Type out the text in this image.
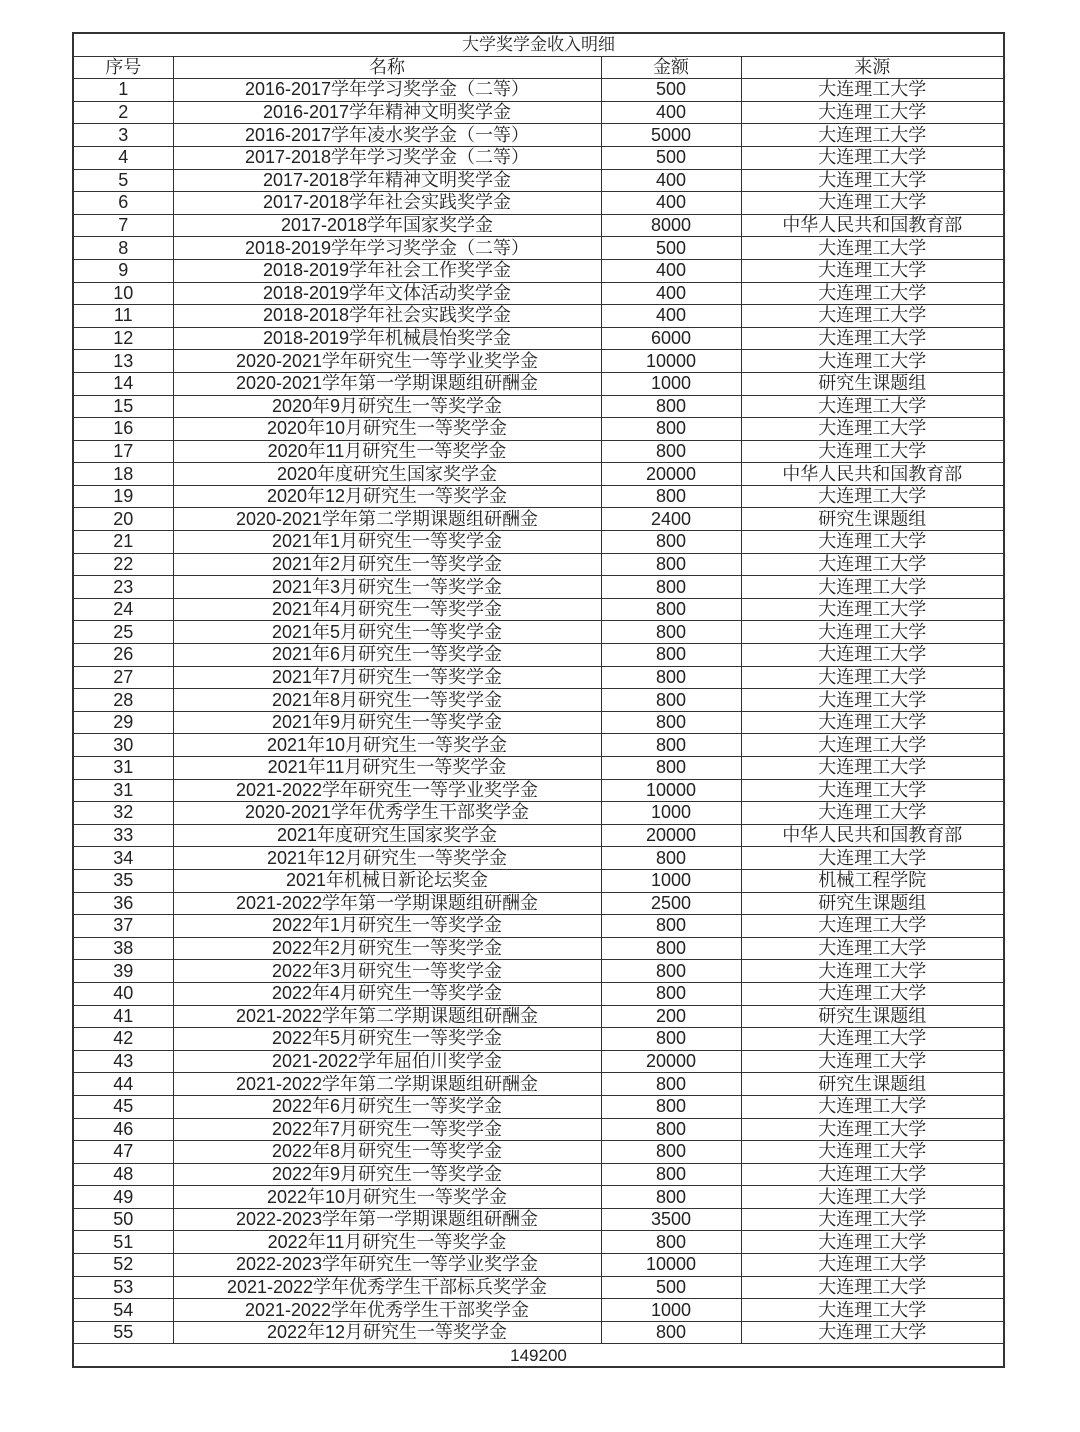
大学奖学金收入明细			
序号	名称	金额	来源
1	2016-2017学年学习奖学金（二等）	500	大连理工大学
2	2016-2017学年精神文明奖学金	400	大连理工大学
3	2016-2017学年凌水奖学金（一等）	5000	大连理工大学
4	2017-2018学年学习奖学金（二等）	500	大连理工大学
5	2017-2018学年精神文明奖学金	400	大连理工大学
6	2017-2018学年社会实践奖学金	400	大连理工大学
7	2017-2018学年国家奖学金	8000	中华人民共和国教育部
8	2018-2019学年学习奖学金（二等）	500	大连理工大学
9	2018-2019学年社会工作奖学金	400	大连理工大学
10	2018-2019学年文体活动奖学金	400	大连理工大学
11	2018-2018学年社会实践奖学金	400	大连理工大学
12	2018-2019学年机械晨怡奖学金	6000	大连理工大学
13	2020-2021学年研究生一等学业奖学金	10000	大连理工大学
14	2020-2021学年第一学期课题组研酬金	1000	研究生课题组
15	2020年9月研究生一等奖学金	800	大连理工大学
16	2020年10月研究生一等奖学金	800	大连理工大学
17	2020年11月研究生一等奖学金	800	大连理工大学
18	2020年度研究生国家奖学金	20000	中华人民共和国教育部
19	2020年12月研究生一等奖学金	800	大连理工大学
20	2020-2021学年第二学期课题组研酬金	2400	研究生课题组
21	2021年1月研究生一等奖学金	800	大连理工大学
22	2021年2月研究生一等奖学金	800	大连理工大学
23	2021年3月研究生一等奖学金	800	大连理工大学
24	2021年4月研究生一等奖学金	800	大连理工大学
25	2021年5月研究生一等奖学金	800	大连理工大学
26	2021年6月研究生一等奖学金	800	大连理工大学
27	2021年7月研究生一等奖学金	800	大连理工大学
28	2021年8月研究生一等奖学金	800	大连理工大学
29	2021年9月研究生一等奖学金	800	大连理工大学
30	2021年10月研究生一等奖学金	800	大连理工大学
31	2021年11月研究生一等奖学金	800	大连理工大学
31	2021-2022学年研究生一等学业奖学金	10000	大连理工大学
32	2020-2021学年优秀学生干部奖学金	1000	大连理工大学
33	2021年度研究生国家奖学金	20000	中华人民共和国教育部
34	2021年12月研究生一等奖学金	800	大连理工大学
35	2021年机械日新论坛奖金	1000	机械工程学院
36	2021-2022学年第一学期课题组研酬金	2500	研究生课题组
37	2022年1月研究生一等奖学金	800	大连理工大学
38	2022年2月研究生一等奖学金	800	大连理工大学
39	2022年3月研究生一等奖学金	800	大连理工大学
40	2022年4月研究生一等奖学金	800	大连理工大学
41	2021-2022学年第二学期课题组研酬金	200	研究生课题组
42	2022年5月研究生一等奖学金	800	大连理工大学
43	2021-2022学年屈伯川奖学金	20000	大连理工大学
44	2021-2022学年第二学期课题组研酬金	800	研究生课题组
45	2022年6月研究生一等奖学金	800	大连理工大学
46	2022年7月研究生一等奖学金	800	大连理工大学
47	2022年8月研究生一等奖学金	800	大连理工大学
48	2022年9月研究生一等奖学金	800	大连理工大学
49	2022年10月研究生一等奖学金	800	大连理工大学
50	2022-2023学年第一学期课题组研酬金	3500	大连理工大学
51	2022年11月研究生一等奖学金	800	大连理工大学
52	2022-2023学年研究生一等学业奖学金	10000	大连理工大学
53	2021-2022学年优秀学生干部标兵奖学金	500	大连理工大学
54	2021-2022学年优秀学生干部奖学金	1000	大连理工大学
55	2022年12月研究生一等奖学金	800	大连理工大学
149200			
